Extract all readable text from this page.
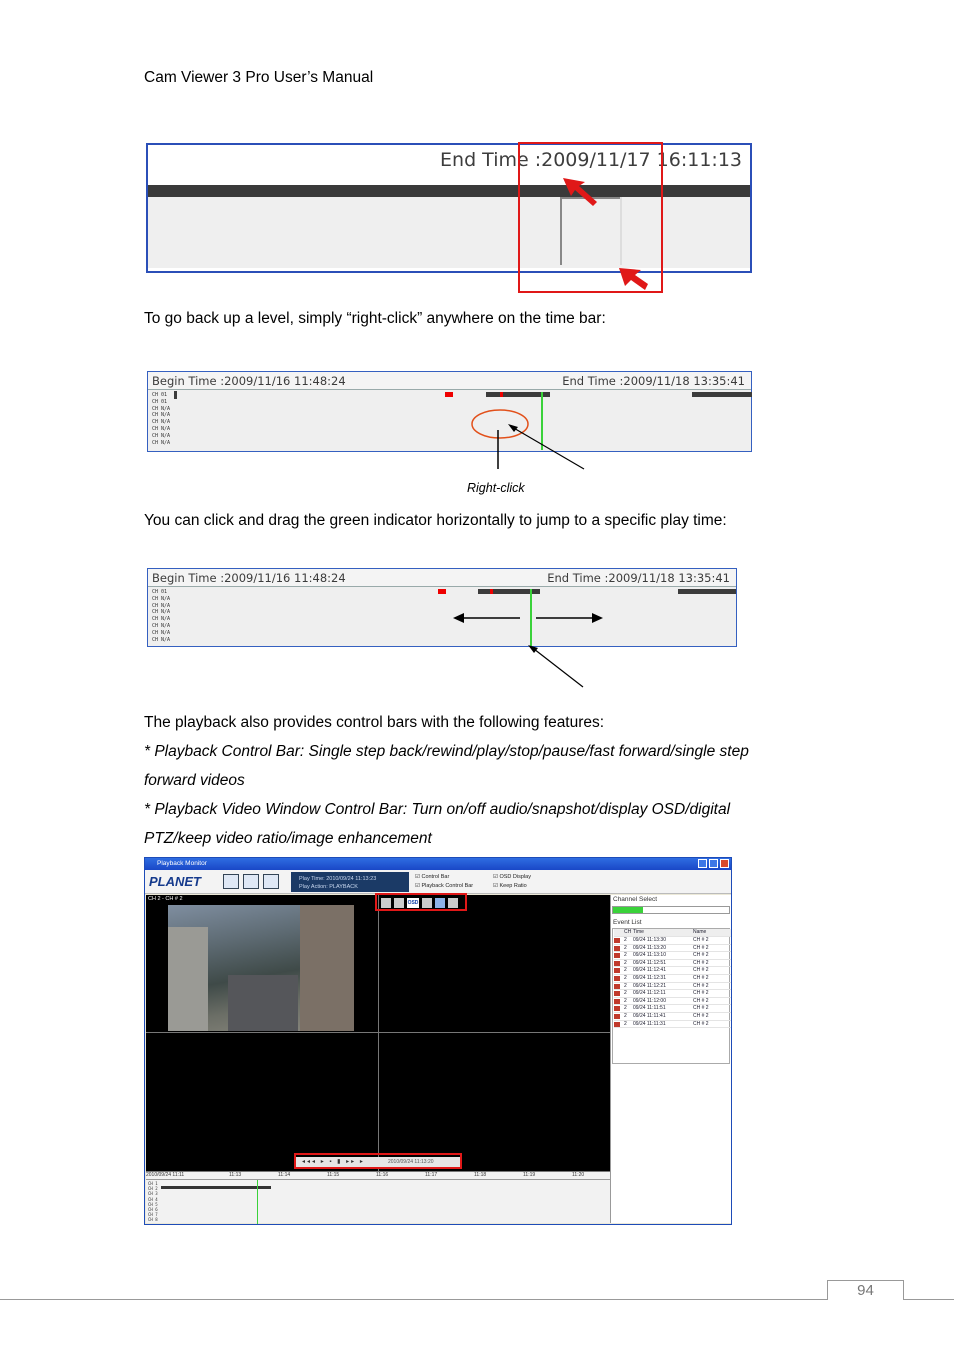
Cam Viewer 3 Pro User’s Manual
End Time :2009/11/17 16:11:13
To go back up a level, simply “right-click” anywhere on the time bar:
Begin Time :2009/11/16 11:48:24	End Time :2009/11/18 13:35:41
CH 01
CH 01
CH N/A
CH N/A
CH N/A
CH N/A
CH N/A
CH N/A
Right-click
You can click and drag the green indicator horizontally to jump to a specific play time:
Begin Time :2009/11/16 11:48:24	End Time :2009/11/18 13:35:41
CH 01
CH N/A
CH N/A
CH N/A
CH N/A
CH N/A
CH N/A
CH N/A
The playback also provides control bars with the following features:
* Playback Control Bar: Single step back/rewind/play/stop/pause/fast forward/single step
forward videos
* Playback Video Window Control Bar: Turn on/off audio/snapshot/display OSD/digital
PTZ/keep video ratio/image enhancement
Playback Monitor
PLANET	Play Time: 2010/09/24 11:13:23
Play Action: PLAYBACK
☑ Control Bar
☑ Playback Control Bar
☑ OSD Display
☑ Keep Ratio
CH 2 - CH # 2
OSD
◂◂◂ ▸ ▪ ▮ ▸▸ ▸	2010/09/24 11:13:20
Channel Select
Event List
CH Time	Name
2 09/24 11:13:30	CH # 2
2 09/24 11:13:20	CH # 2
2 09/24 11:13:10	CH # 2
2 09/24 11:12:51	CH # 2
2 09/24 11:12:41	CH # 2
2 09/24 11:12:31	CH # 2
2 09/24 11:12:21	CH # 2
2 09/24 11:12:11	CH # 2
2 09/24 11:12:00	CH # 2
2 09/24 11:11:51	CH # 2
2 09/24 11:11:41	CH # 2
2 09/24 11:11:31	CH # 2
2010/09/24 11:11	11:13	11:14	11:15	11:16	11:17	11:18	11:19	11:20
CH 1
CH 2
CH 3
CH 4
CH 5
CH 6
CH 7
CH 8
94
